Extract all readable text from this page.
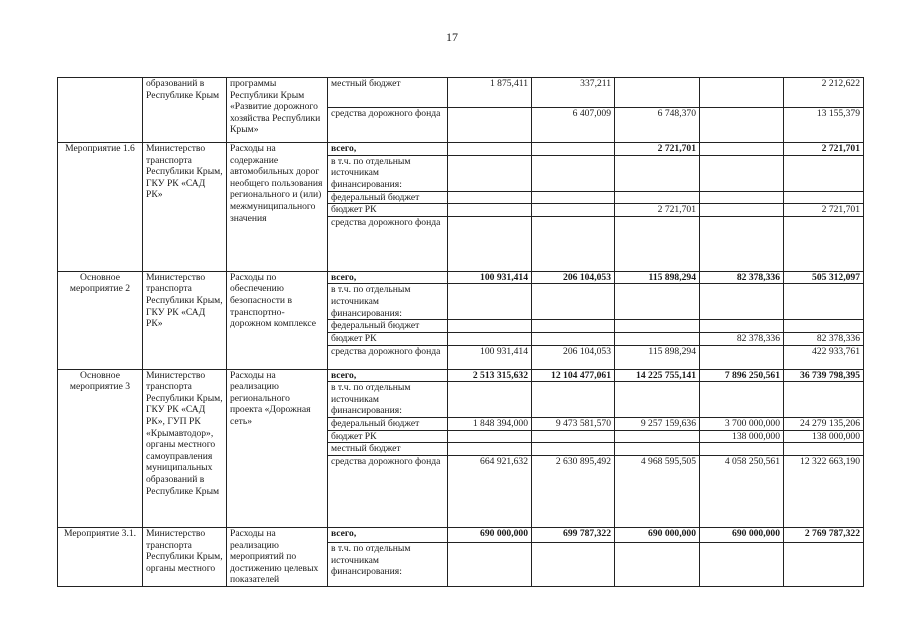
17
	образований в Республике Крым	программы Республики Крым «Развитие дорожного хозяйства Республики Крым»	местный бюджет	1 875,411	337,211			2 212,622
			средства дорожного фонда		6 407,009	6 748,370		13 155,379
Мероприятие 1.6	Министерство транспорта Республики Крым, ГКУ РК «САД РК»	Расходы на содержание автомобильных дорог необщего пользования регионального и (или) межмуниципального значения	всего,			2 721,701		2 721,701
			в т.ч. по отдельным источникам финансирования:					
			федеральный бюджет					
			бюджет РК			2 721,701		2 721,701
			средства дорожного фонда					
Основное мероприятие 2	Министерство транспорта Республики Крым, ГКУ РК «САД РК»	Расходы по обеспечению безопасности в транспортно-дорожном комплексе	всего,	100 931,414	206 104,053	115 898,294	82 378,336	505 312,097
			в т.ч. по отдельным источникам финансирования:					
			федеральный бюджет					
			бюджет РК				82 378,336	82 378,336
			средства дорожного фонда	100 931,414	206 104,053	115 898,294		422 933,761
Основное мероприятие 3	Министерство транспорта Республики Крым, ГКУ РК «САД РК», ГУП РК «Крымавтодор», органы местного самоуправления муниципальных образований в Республике Крым	Расходы на реализацию регионального проекта «Дорожная сеть»	всего,	2 513 315,632	12 104 477,061	14 225 755,141	7 896 250,561	36 739 798,395
			в т.ч. по отдельным источникам финансирования:					
			федеральный бюджет	1 848 394,000	9 473 581,570	9 257 159,636	3 700 000,000	24 279 135,206
			бюджет РК				138 000,000	138 000,000
			местный бюджет					
			средства дорожного фонда	664 921,632	2 630 895,492	4 968 595,505	4 058 250,561	12 322 663,190
Мероприятие 3.1.	Министерство транспорта Республики Крым, органы местного	Расходы на реализацию мероприятий по достижению целевых показателей	всего,	690 000,000	699 787,322	690 000,000	690 000,000	2 769 787,322
			в т.ч. по отдельным источникам финансирования:					
